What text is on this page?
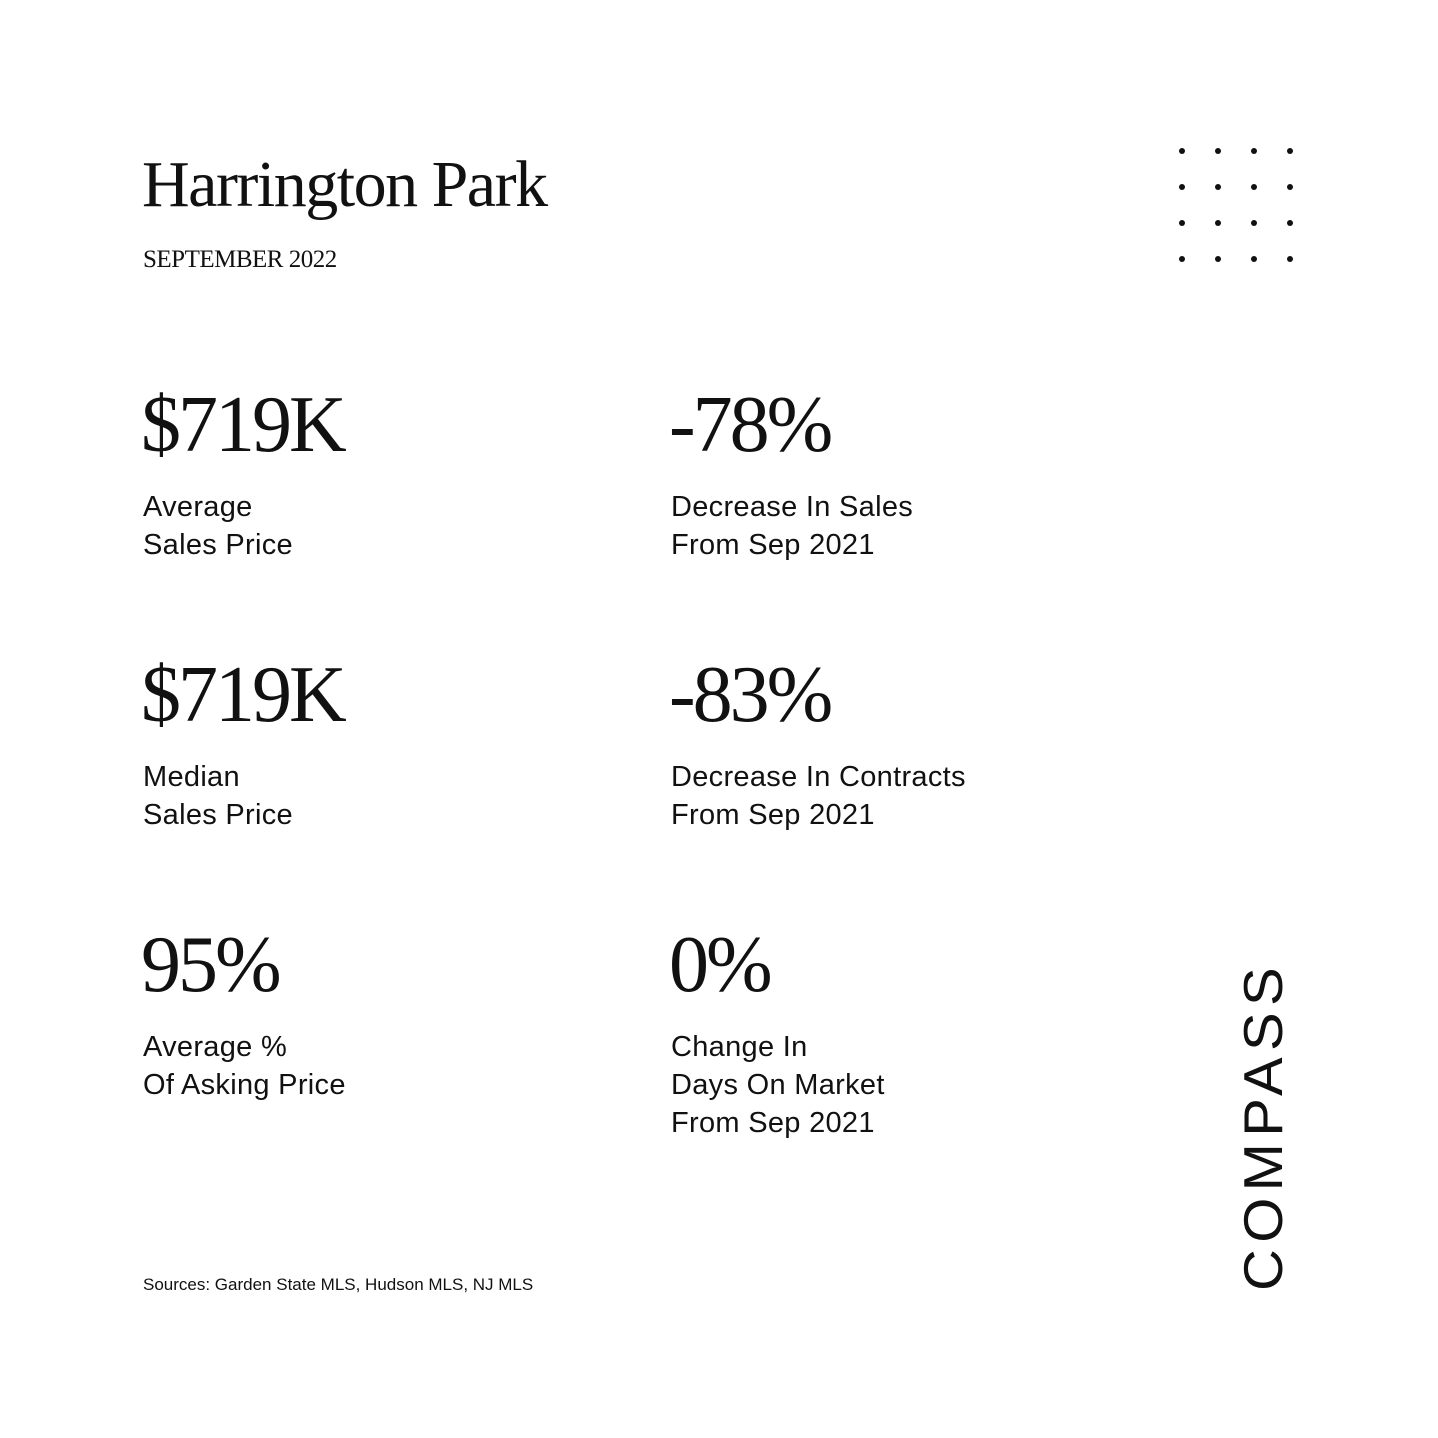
Harrington Park
SEPTEMBER 2022
$719K
Average
Sales Price
-78%
Decrease In Sales
From Sep 2021
$719K
Median
Sales Price
-83%
Decrease In Contracts
From Sep 2021
95%
Average %
Of Asking Price
0%
Change In
Days On Market
From Sep 2021
Sources: Garden State MLS, Hudson MLS, NJ MLS	COMPASS
